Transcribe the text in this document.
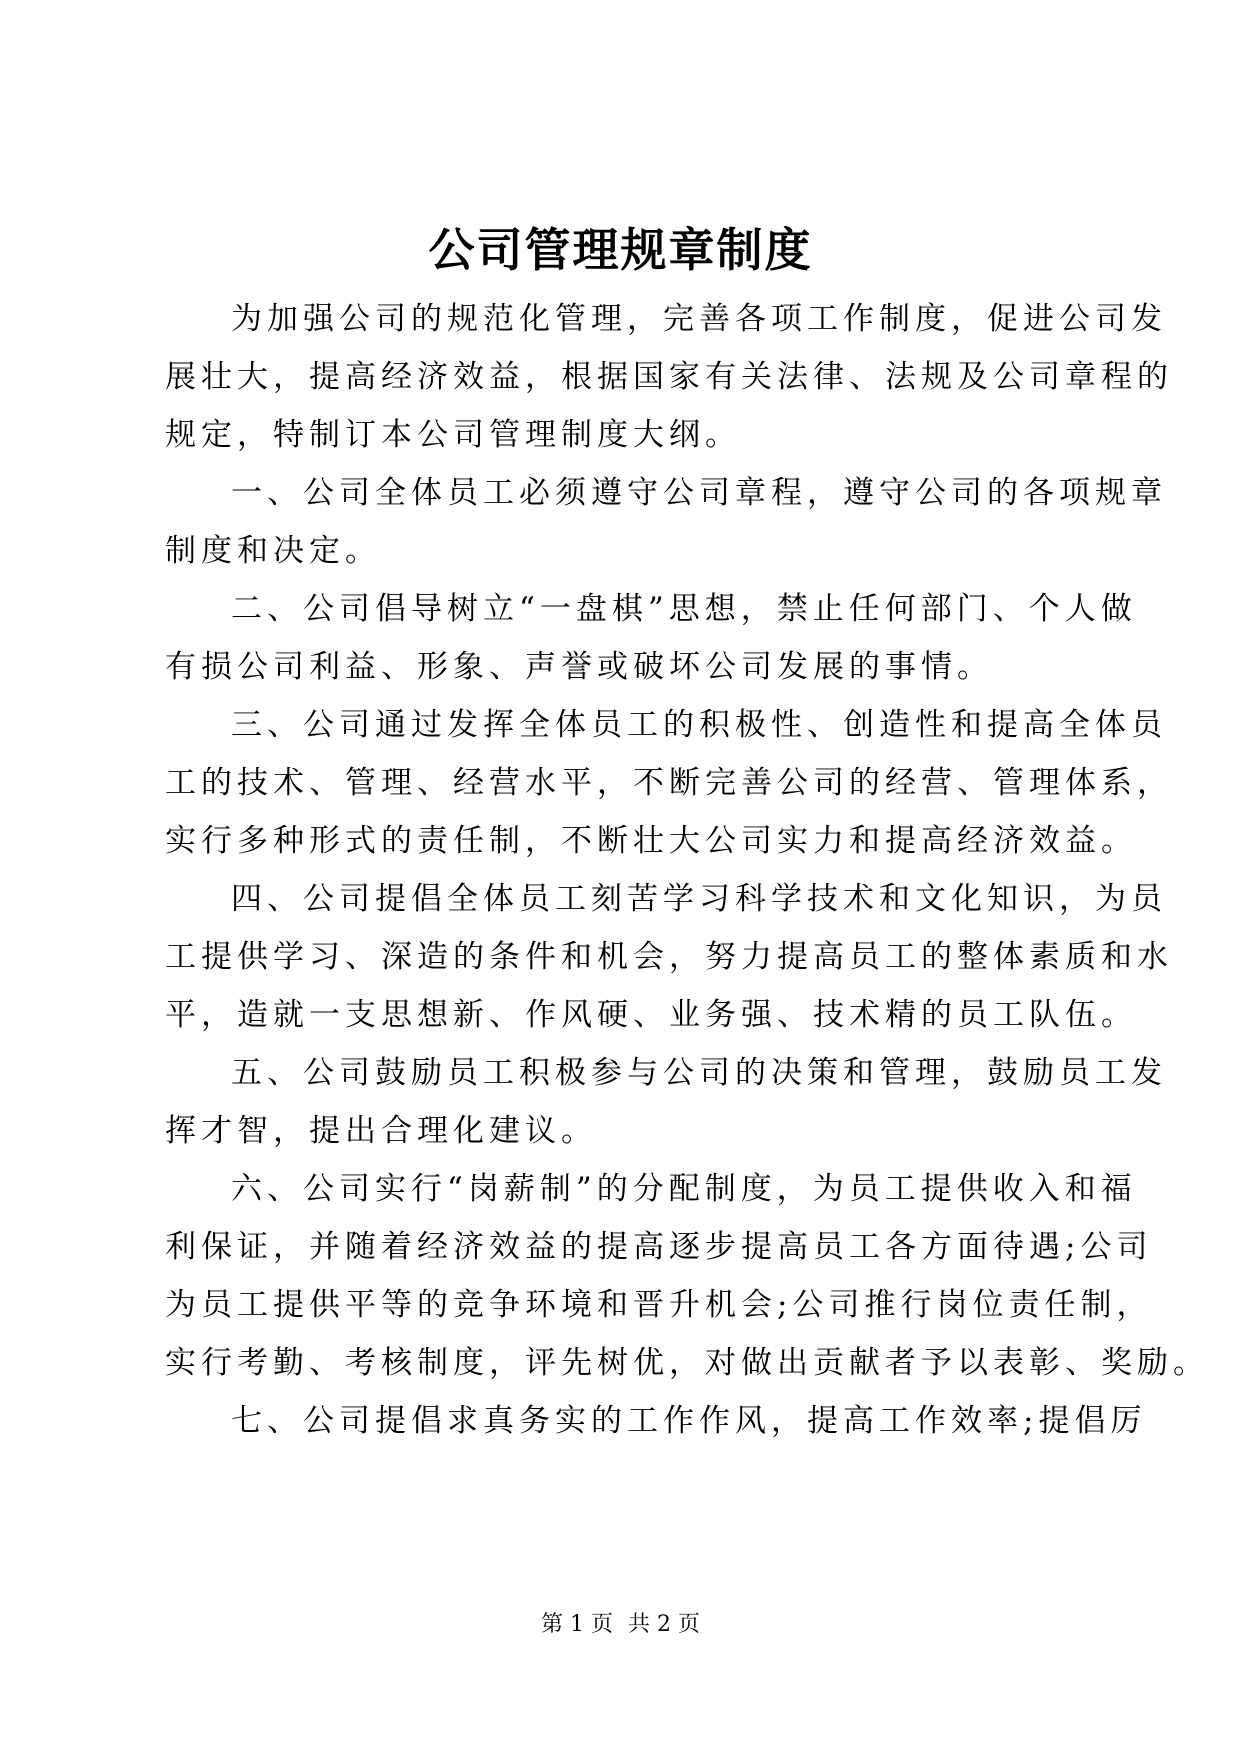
公司管理规章制度

为加强公司的规范化管理，完善各项工作制度，促进公司发
展壮大，提高经济效益，根据国家有关法律、法规及公司章程的
规定，特制订本公司管理制度大纲。

一、公司全体员工必须遵守公司章程，遵守公司的各项规章
制度和决定。

二、公司倡导树立“一盘棋”思想，禁止任何部门、个人做
有损公司利益、形象、声誉或破坏公司发展的事情。

三、公司通过发挥全体员工的积极性、创造性和提高全体员
工的技术、管理、经营水平，不断完善公司的经营、管理体系，
实行多种形式的责任制，不断壮大公司实力和提高经济效益。

四、公司提倡全体员工刻苦学习科学技术和文化知识，为员
工提供学习、深造的条件和机会，努力提高员工的整体素质和水
平，造就一支思想新、作风硬、业务强、技术精的员工队伍。

五、公司鼓励员工积极参与公司的决策和管理，鼓励员工发
挥才智，提出合理化建议。

六、公司实行“岗薪制”的分配制度，为员工提供收入和福
利保证，并随着经济效益的提高逐步提高员工各方面待遇;公司
为员工提供平等的竞争环境和晋升机会;公司推行岗位责任制，
实行考勤、考核制度，评先树优，对做出贡献者予以表彰、奖励。

七、公司提倡求真务实的工作作风，提高工作效率;提倡厉

第 1 页 共 2 页
